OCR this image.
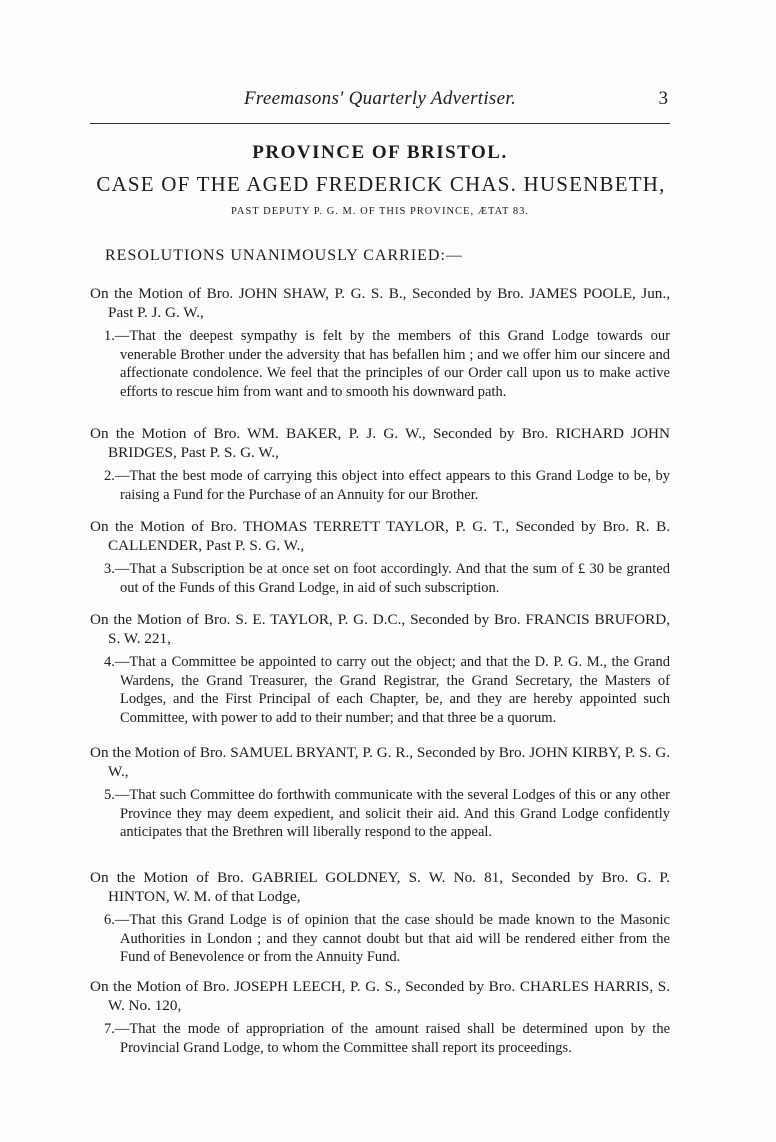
Freemasons' Quarterly Advertiser.	3
PROVINCE OF BRISTOL.
CASE OF THE AGED FREDERICK CHAS. HUSENBETH,
PAST DEPUTY P. G. M. OF THIS PROVINCE, ÆTAT 83.
RESOLUTIONS UNANIMOUSLY CARRIED:—
On the Motion of Bro. JOHN SHAW, P. G. S. B., Seconded by Bro. JAMES POOLE, Jun., Past P. J. G. W.,
1.—That the deepest sympathy is felt by the members of this Grand Lodge towards our venerable Brother under the adversity that has befallen him ; and we offer him our sincere and affectionate condolence. We feel that the principles of our Order call upon us to make active efforts to rescue him from want and to smooth his downward path.
On the Motion of Bro. WM. BAKER, P. J. G. W., Seconded by Bro. RICHARD JOHN BRIDGES, Past P. S. G. W.,
2.—That the best mode of carrying this object into effect appears to this Grand Lodge to be, by raising a Fund for the Purchase of an Annuity for our Brother.
On the Motion of Bro. THOMAS TERRETT TAYLOR, P. G. T., Seconded by Bro. R. B. CALLENDER, Past P. S. G. W.,
3.—That a Subscription be at once set on foot accordingly. And that the sum of £ 30 be granted out of the Funds of this Grand Lodge, in aid of such subscription.
On the Motion of Bro. S. E. TAYLOR, P. G. D.C., Seconded by Bro. FRANCIS BRUFORD, S. W. 221,
4.—That a Committee be appointed to carry out the object; and that the D. P. G. M., the Grand Wardens, the Grand Treasurer, the Grand Registrar, the Grand Secretary, the Masters of Lodges, and the First Principal of each Chapter, be, and they are hereby appointed such Committee, with power to add to their number; and that three be a quorum.
On the Motion of Bro. SAMUEL BRYANT, P. G. R., Seconded by Bro. JOHN KIRBY, P. S. G. W.,
5.—That such Committee do forthwith communicate with the several Lodges of this or any other Province they may deem expedient, and solicit their aid. And this Grand Lodge confidently anticipates that the Brethren will liberally respond to the appeal.
On the Motion of Bro. GABRIEL GOLDNEY, S. W. No. 81, Seconded by Bro. G. P. HINTON, W. M. of that Lodge,
6.—That this Grand Lodge is of opinion that the case should be made known to the Masonic Authorities in London ; and they cannot doubt but that aid will be rendered either from the Fund of Benevolence or from the Annuity Fund.
On the Motion of Bro. JOSEPH LEECH, P. G. S., Seconded by Bro. CHARLES HARRIS, S. W. No. 120,
7.—That the mode of appropriation of the amount raised shall be determined upon by the Provincial Grand Lodge, to whom the Committee shall report its proceedings.
